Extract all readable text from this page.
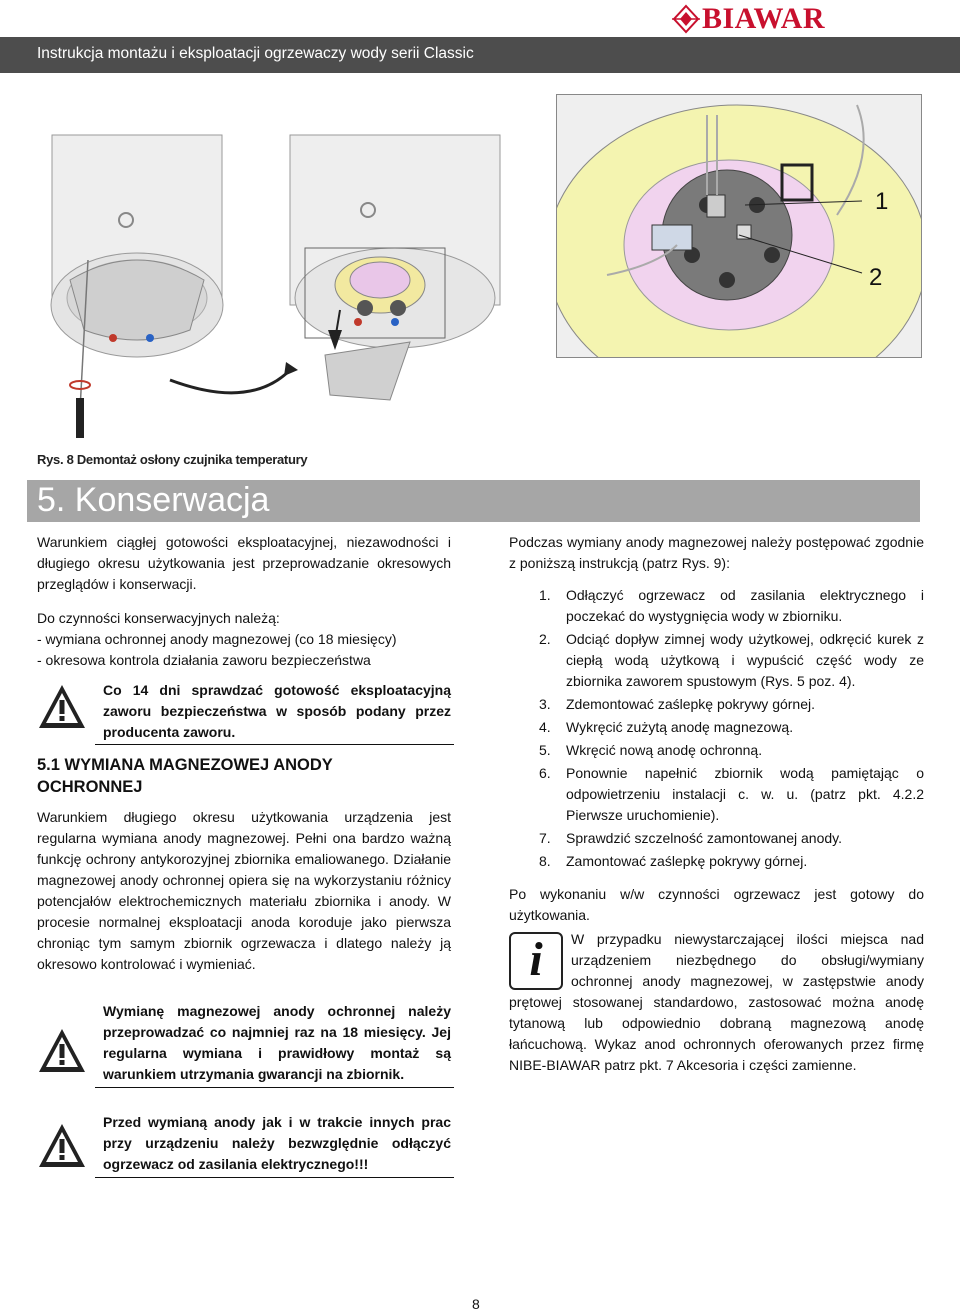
BIAWAR
Instrukcja montażu i eksploatacji ogrzewaczy wody serii Classic
1
2
Rys. 8 Demontaż osłony czujnika temperatury
5. Konserwacja

Warunkiem ciągłej gotowości eksploatacyjnej, niezawodności i długiego okresu użytkowania jest przeprowadzanie okresowych przeglądów i konserwacji.

Do czynności konserwacyjnych należą:

- wymiana ochronnej anody magnezowej (co 18 miesięcy)

- okresowa kontrola działania zaworu bezpieczeństwa

Co 14 dni sprawdzać gotowość eksploatacyjną zaworu bezpieczeństwa w sposób podany przez producenta zaworu.
5.1 WYMIANA MAGNEZOWEJ ANODY OCHRONNEJ
Warunkiem długiego okresu użytkowania urządzenia jest regularna wymiana anody magnezowej. Pełni ona bardzo ważną funkcję ochrony antykorozyjnej zbiornika emaliowanego. Działanie magnezowej anody ochronnej opiera się na wykorzystaniu różnicy potencjałów elektrochemicznych materiału zbiornika i anody. W procesie normalnej eksploatacji anoda koroduje jako pierwsza chroniąc tym samym zbiornik ogrzewacza i dlatego należy ją okresowo kontrolować i wymieniać.
Wymianę magnezowej anody ochronnej należy przeprowadzać co najmniej raz na 18 miesięcy. Jej regularna wymiana i prawidłowy montaż są warunkiem utrzymania gwarancji na zbiornik.
Przed wymianą anody jak i w trakcie innych prac przy urządzeniu należy bezwzględnie odłączyć ogrzewacz od zasilania elektrycznego!!!

Podczas wymiany anody magnezowej należy postępować zgodnie z poniższą instrukcją (patrz Rys. 9):

1. Odłączyć ogrzewacz od zasilania elektrycznego i poczekać do wystygnięcia wody w zbiorniku.
2. Odciąć dopływ zimnej wody użytkowej, odkręcić kurek z ciepłą wodą użytkową i wypuścić część wody ze zbiornika zaworem spustowym (Rys. 5 poz. 4).
3. Zdemontować zaślepkę pokrywy górnej.
4. Wykręcić zużytą anodę magnezową.
5. Wkręcić nową anodę ochronną.
6. Ponownie napełnić zbiornik wodą pamiętając o odpowietrzeniu instalacji c. w. u. (patrz pkt. 4.2.2 Pierwsze uruchomienie).
7. Sprawdzić szczelność zamontowanej anody.
8. Zamontować zaślepkę pokrywy górnej.

Po wykonaniu w/w czynności ogrzewacz jest gotowy do użytkowania.

i	W przypadku niewystarczającej ilości miejsca nad urządzeniem niezbędnego do obsługi/wymiany ochronnej anody magnezowej, w zastępstwie anody prętowej stosowanej standardowo, zastosować można anodę tytanową lub odpowiednio dobraną magnezową anodę łańcuchową. Wykaz anod ochronnych oferowanych przez firmę NIBE-BIAWAR patrz pkt. 7 Akcesoria i części zamienne.
8
